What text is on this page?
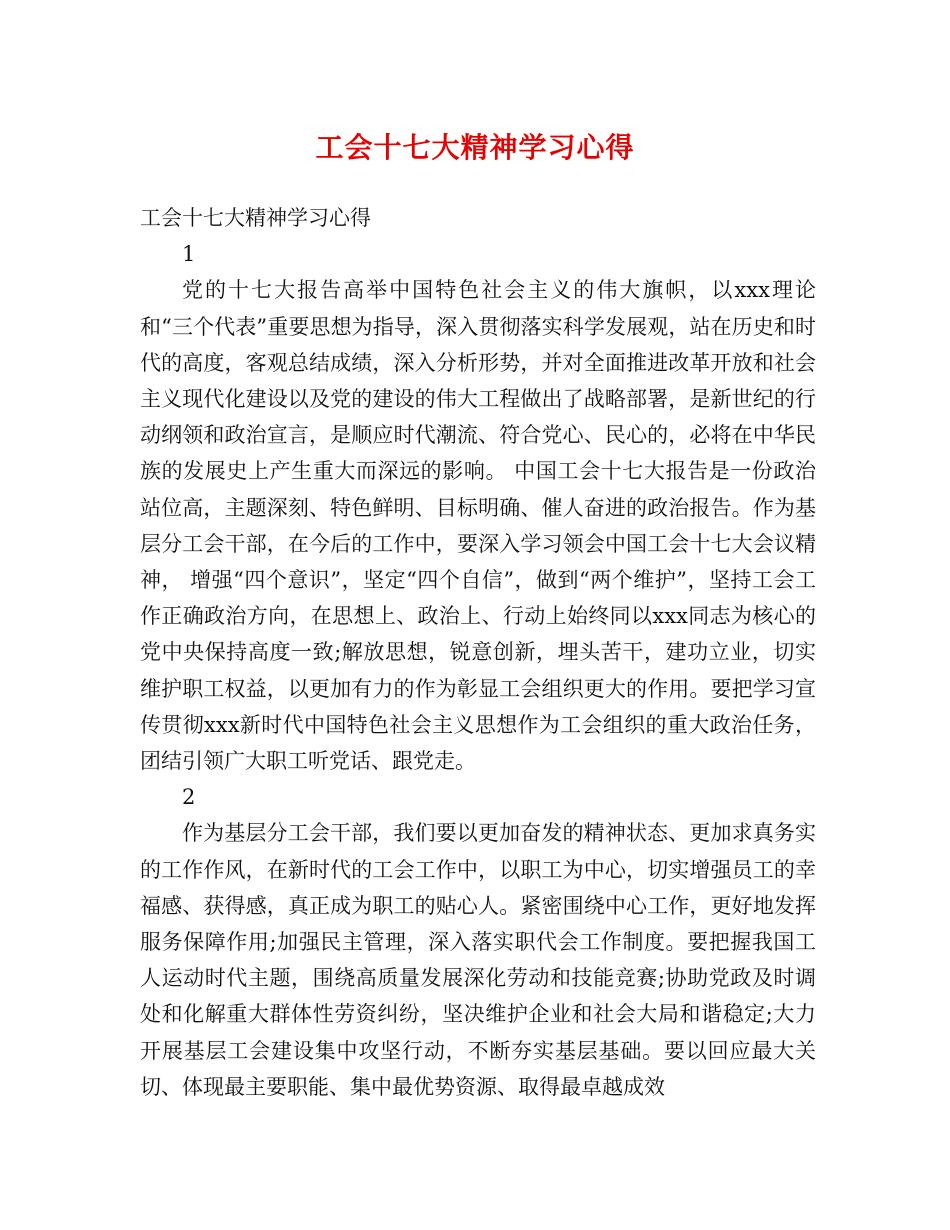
工会十七大精神学习心得

工会十七大精神学习心得

1

党的十七大报告高举中国特色社会主义的伟大旗帜，以xxx理论和“三个代表”重要思想为指导，深入贯彻落实科学发展观，站在历史和时代的高度，客观总结成绩，深入分析形势，并对全面推进改革开放和社会主义现代化建设以及党的建设的伟大工程做出了战略部署，是新世纪的行动纲领和政治宣言，是顺应时代潮流、符合党心、民心的，必将在中华民族的发展史上产生重大而深远的影响。 中国工会十七大报告是一份政治站位高，主题深刻、特色鲜明、目标明确、催人奋进的政治报告。作为基层分工会干部，在今后的工作中，要深入学习领会中国工会十七大会议精神， 增强“四个意识”，坚定“四个自信”，做到“两个维护”，坚持工会工作正确政治方向，在思想上、政治上、行动上始终同以xxx同志为核心的党中央保持高度一致;解放思想，锐意创新，埋头苦干，建功立业，切实维护职工权益，以更加有力的作为彰显工会组织更大的作用。要把学习宣传贯彻xxx新时代中国特色社会主义思想作为工会组织的重大政治任务，团结引领广大职工听党话、跟党走。

2

作为基层分工会干部，我们要以更加奋发的精神状态、更加求真务实的工作作风，在新时代的工会工作中，以职工为中心，切实增强员工的幸福感、获得感，真正成为职工的贴心人。紧密围绕中心工作，更好地发挥服务保障作用;加强民主管理，深入落实职代会工作制度。要把握我国工人运动时代主题，围绕高质量发展深化劳动和技能竞赛;协助党政及时调处和化解重大群体性劳资纠纷，坚决维护企业和社会大局和谐稳定;大力开展基层工会建设集中攻坚行动，不断夯实基层基础。要以回应最大关切、体现最主要职能、集中最优势资源、取得最卓越成效
